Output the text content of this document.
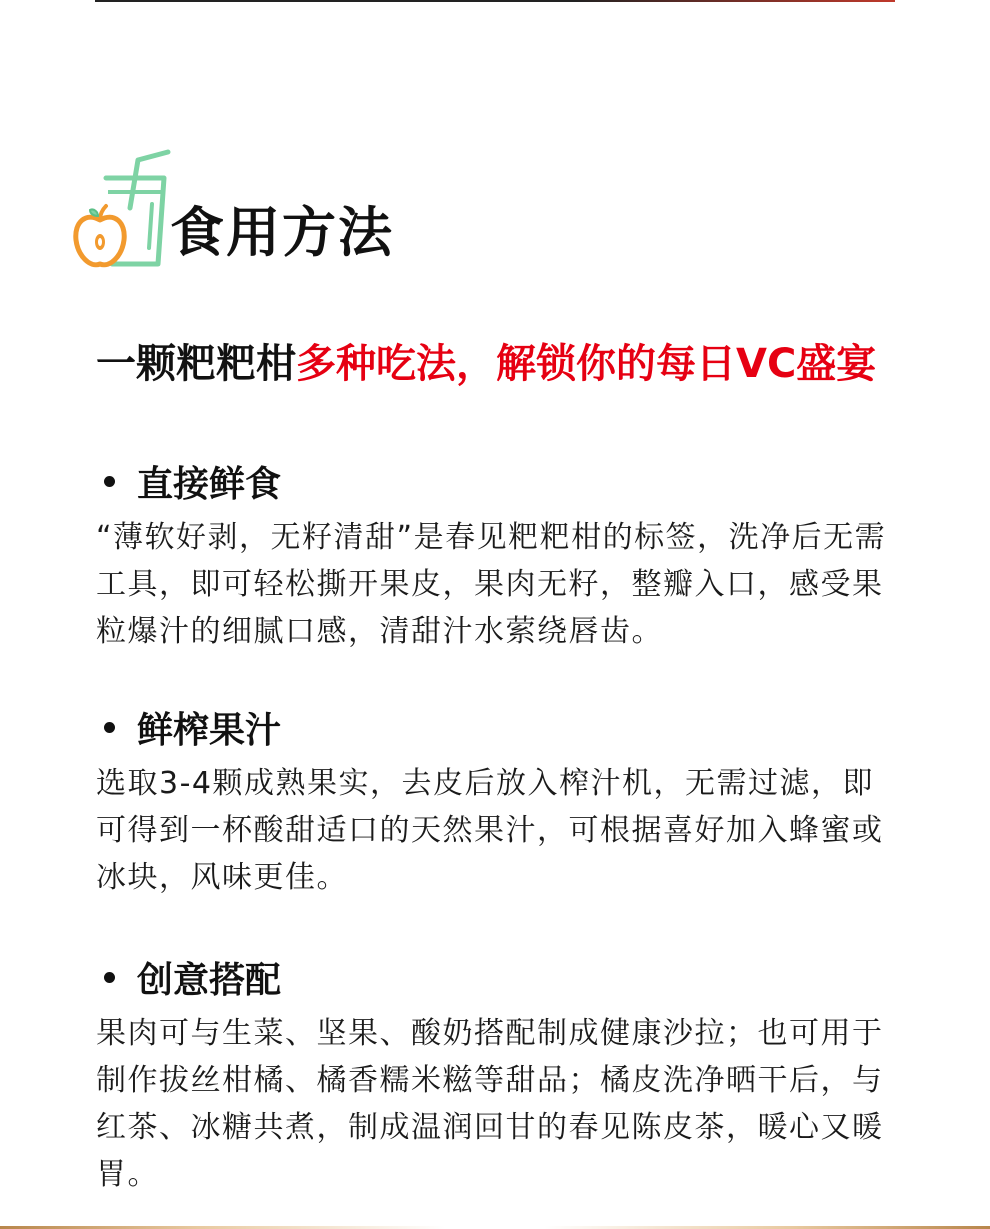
食用方法
一颗粑粑柑多种吃法，解锁你的每日VC盛宴
直接鲜食
“薄软好剥，无籽清甜”是春见粑粑柑的标签，洗净后无需工具，即可轻松撕开果皮，果肉无籽，整瓣入口，感受果粒爆汁的细腻口感，清甜汁水萦绕唇齿。
鲜榨果汁
选取3-4颗成熟果实，去皮后放入榨汁机，无需过滤，即可得到一杯酸甜适口的天然果汁，可根据喜好加入蜂蜜或冰块，风味更佳。
创意搭配
果肉可与生菜、坚果、酸奶搭配制成健康沙拉；也可用于制作拔丝柑橘、橘香糯米糍等甜品；橘皮洗净晒干后，与红茶、冰糖共煮，制成温润回甘的春见陈皮茶，暖心又暖胃。
